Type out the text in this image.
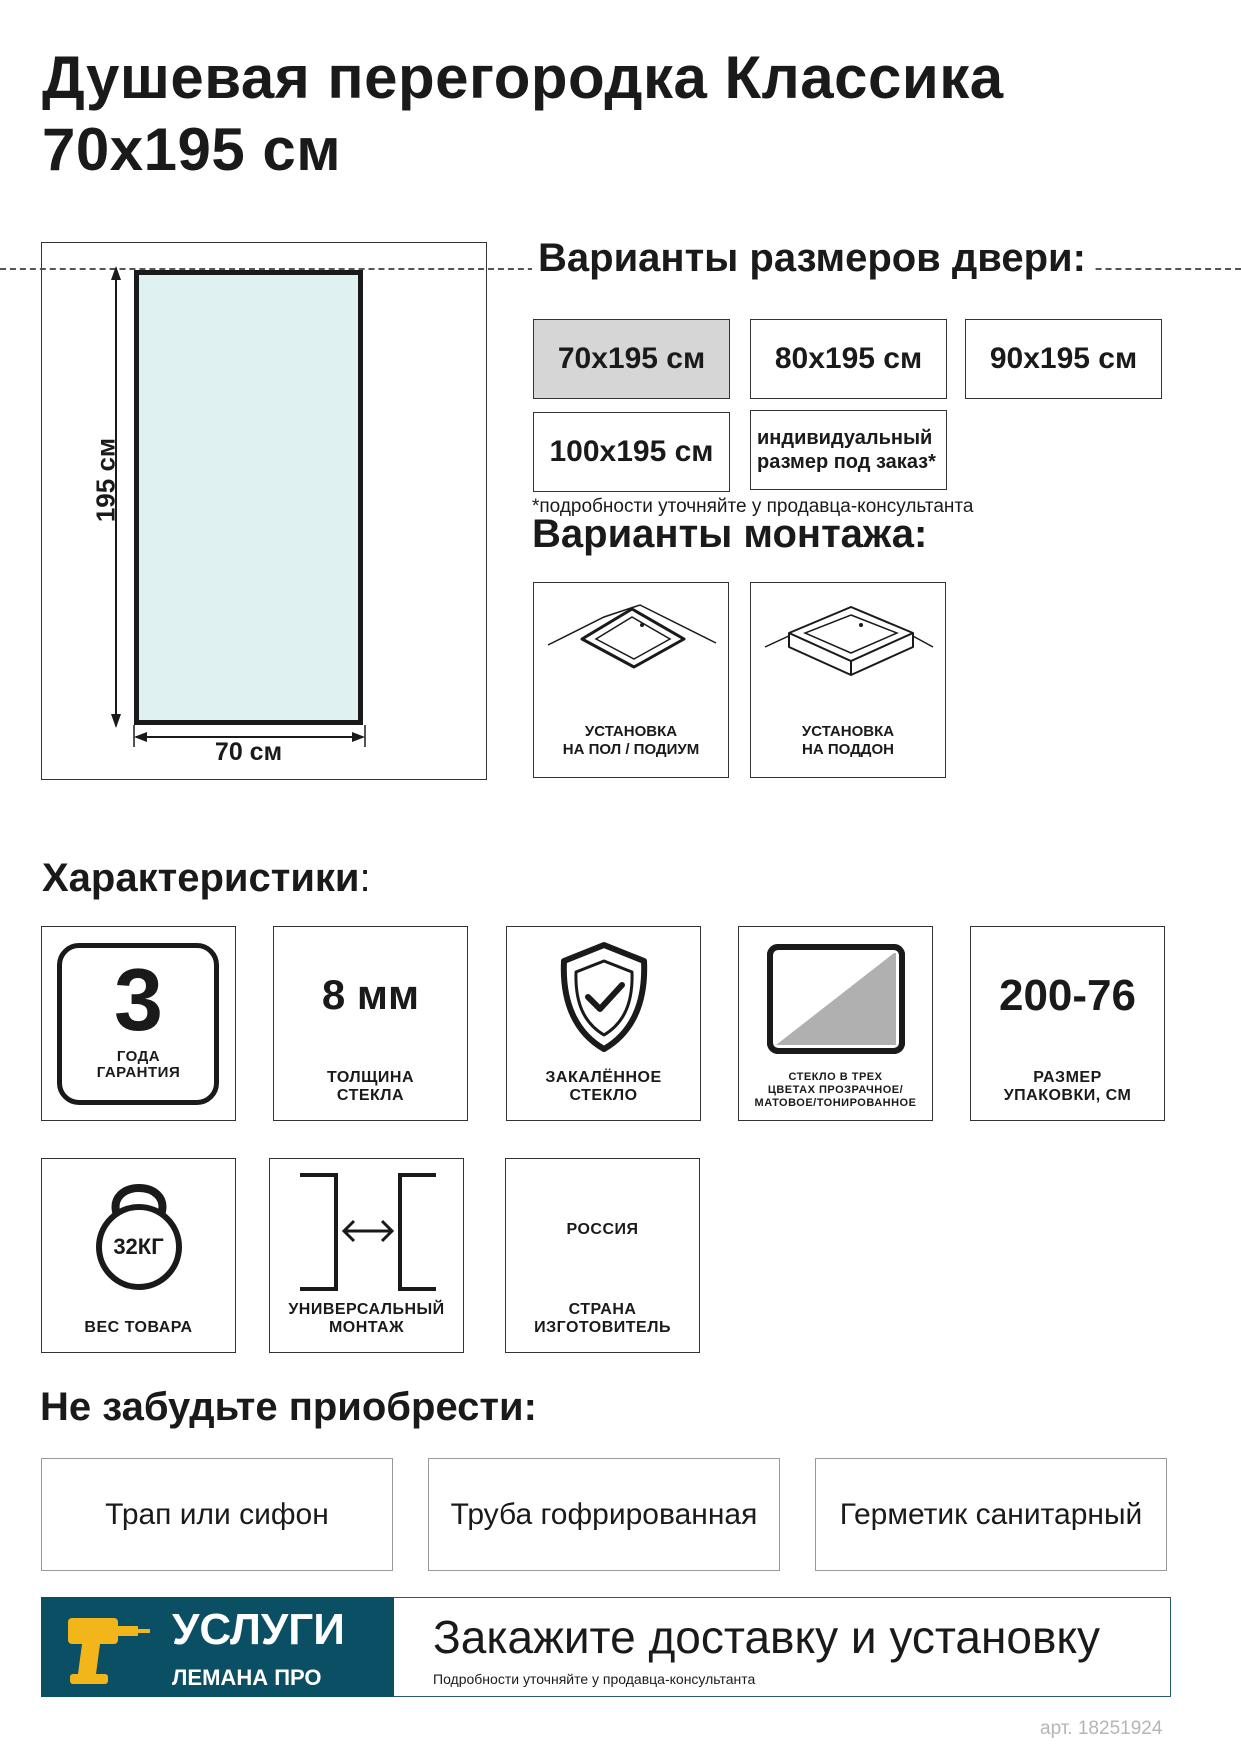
Душевая перегородка Классика
70x195 см
195 см
70 см
Варианты размеров двери:
70x195 см	80x195 см	90x195 см
100x195 см	индивидуальный
размер под заказ*
*подробности уточняйте у продавца-консультанта
Варианты монтажа:
УСТАНОВКА
НА ПОЛ / ПОДИУМ
УСТАНОВКА
НА ПОДДОН
Характеристики:
3
ГОДА
ГАРАНТИЯ
8 мм
ТОЛЩИНА
СТЕКЛА
ЗАКАЛЁННОЕ
СТЕКЛО
СТЕКЛО В ТРЕХ
ЦВЕТАХ ПРОЗРАЧНОЕ/
МАТОВОЕ/ТОНИРОВАННОЕ
200-76
РАЗМЕР
УПАКОВКИ, СМ
32КГ
ВЕС ТОВАРА
УНИВЕРСАЛЬНЫЙ
МОНТАЖ
РОССИЯ
СТРАНА
ИЗГОТОВИТЕЛЬ
Не забудьте приобрести:
Трап или сифон	Труба гофрированная	Герметик санитарный
УСЛУГИ
ЛЕМАНА ПРО
Закажите доставку и установку
Подробности уточняйте у продавца-консультанта
арт. 18251924
